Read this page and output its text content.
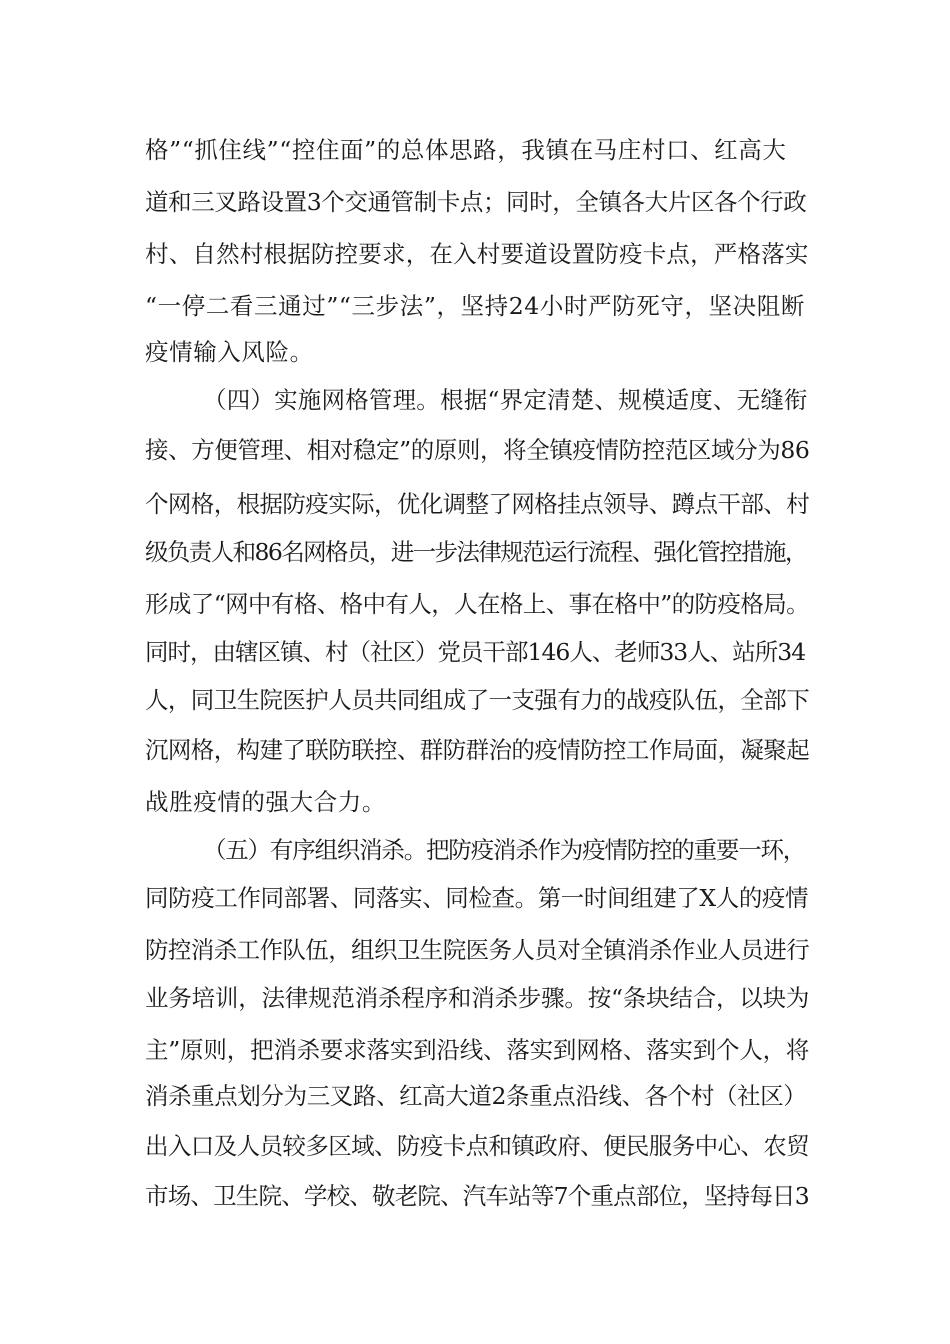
格”“抓住线”“控住面”的总体思路，我镇在马庄村口、红高大
道和三叉路设置3个交通管制卡点；同时，全镇各大片区各个行政
村、自然村根据防控要求，在入村要道设置防疫卡点，严格落实
“一停二看三通过”“三步法”，坚持24小时严防死守，坚决阻断
疫情输入风险。
（四）实施网格管理。根据“界定清楚、规模适度、无缝衔
接、方便管理、相对稳定”的原则，将全镇疫情防控范区域分为86
个网格，根据防疫实际，优化调整了网格挂点领导、蹲点干部、村
级负责人和86名网格员，进一步法律规范运行流程、强化管控措施，
形成了“网中有格、格中有人，人在格上、事在格中”的防疫格局。
同时，由辖区镇、村（社区）党员干部146人、老师33人、站所34
人，同卫生院医护人员共同组成了一支强有力的战疫队伍，全部下
沉网格，构建了联防联控、群防群治的疫情防控工作局面，凝聚起
战胜疫情的强大合力。
（五）有序组织消杀。把防疫消杀作为疫情防控的重要一环，
同防疫工作同部署、同落实、同检查。第一时间组建了X人的疫情
防控消杀工作队伍，组织卫生院医务人员对全镇消杀作业人员进行
业务培训，法律规范消杀程序和消杀步骤。按“条块结合，以块为
主”原则，把消杀要求落实到沿线、落实到网格、落实到个人，将
消杀重点划分为三叉路、红高大道2条重点沿线、各个村（社区）
出入口及人员较多区域、防疫卡点和镇政府、便民服务中心、农贸
市场、卫生院、学校、敬老院、汽车站等7个重点部位，坚持每日3
